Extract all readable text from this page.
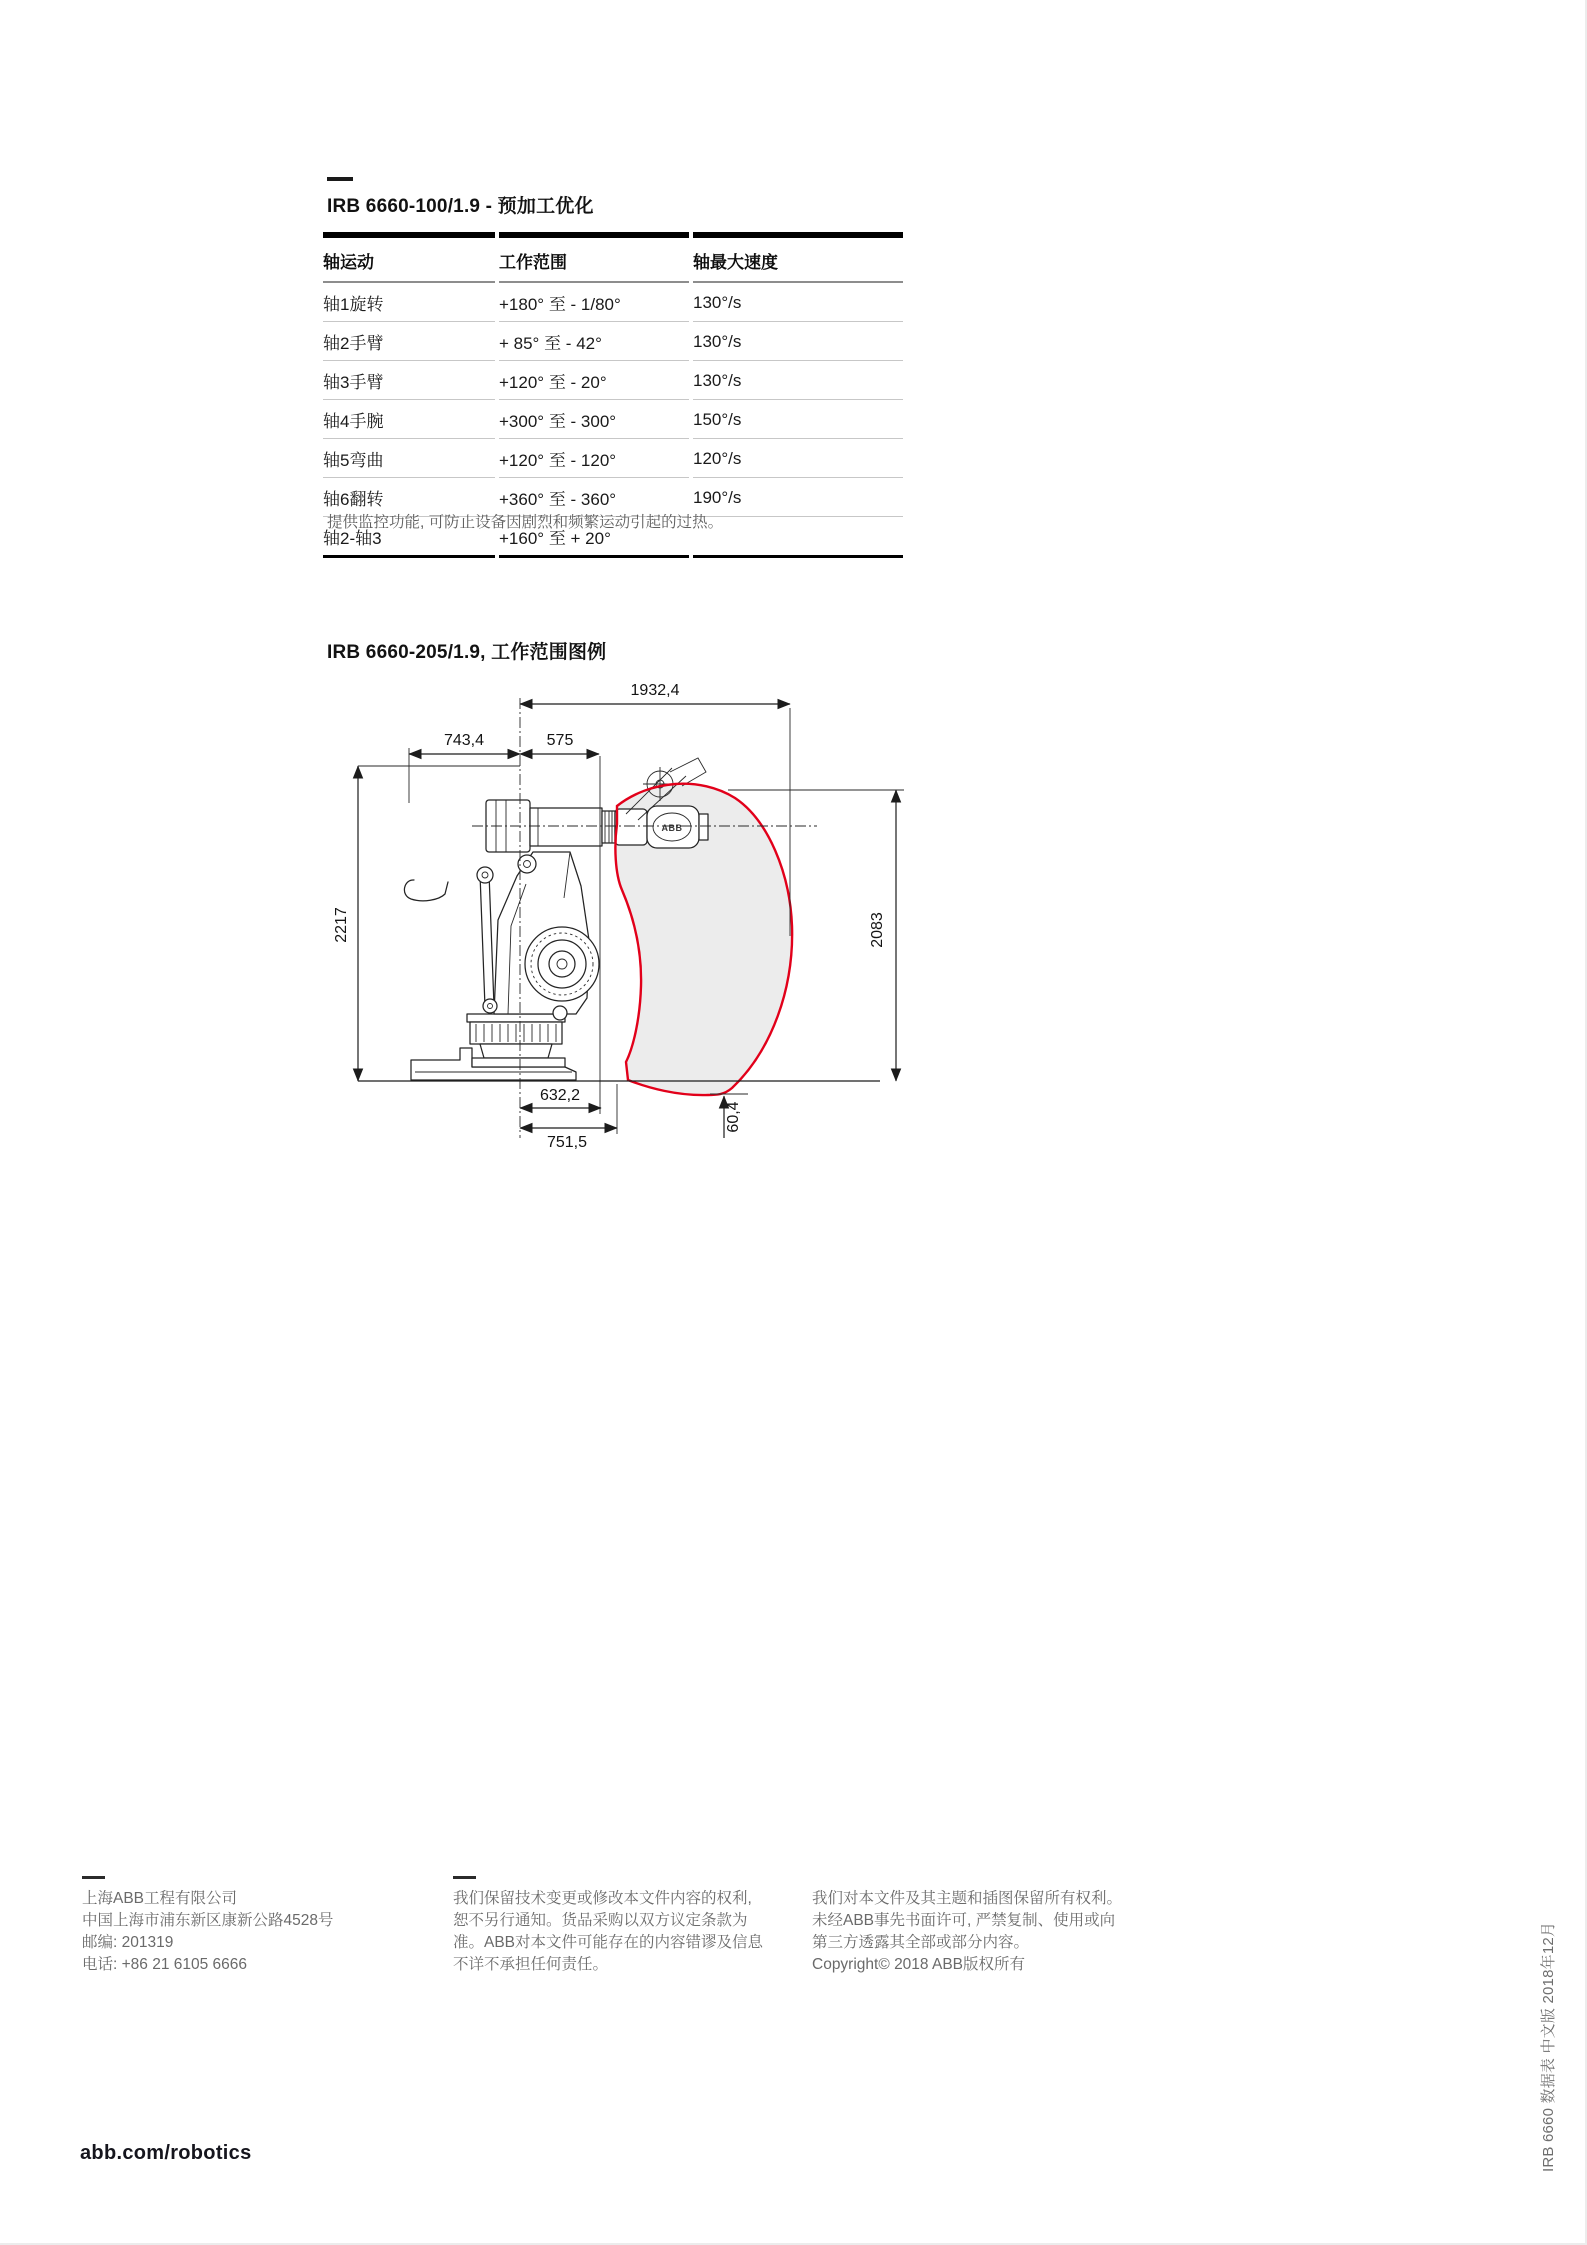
IRB 6660-100/1.9 - 预加工优化
轴运动	工作范围	轴最大速度
轴1旋转	+180° 至 - 1/80°	130°/s
轴2手臂	+ 85° 至 - 42°	130°/s
轴3手臂	+120° 至 - 20°	130°/s
轴4手腕	+300° 至 - 300°	150°/s
轴5弯曲	+120° 至 - 120°	120°/s
轴6翻转	+360° 至 - 360°	190°/s
轴2-轴3	+160° 至 + 20°	
提供监控功能, 可防止设备因剧烈和频繁运动引起的过热。
IRB 6660-205/1.9, 工作范围图例
ABB
1932,4
743,4	575
2217	2083
632,2
751,5
60,4
上海ABB工程有限公司
中国上海市浦东新区康新公路4528号
邮编: 201319
电话: +86 21 6105 6666
我们保留技术变更或修改本文件内容的权利,
恕不另行通知。货品采购以双方议定条款为
准。ABB对本文件可能存在的内容错谬及信息
不详不承担任何责任。
我们对本文件及其主题和插图保留所有权利。
未经ABB事先书面许可, 严禁复制、使用或向
第三方透露其全部或部分内容。
Copyright© 2018 ABB版权所有	IRB 6660 数据表 中文版 2018年12月
abb.com/robotics
